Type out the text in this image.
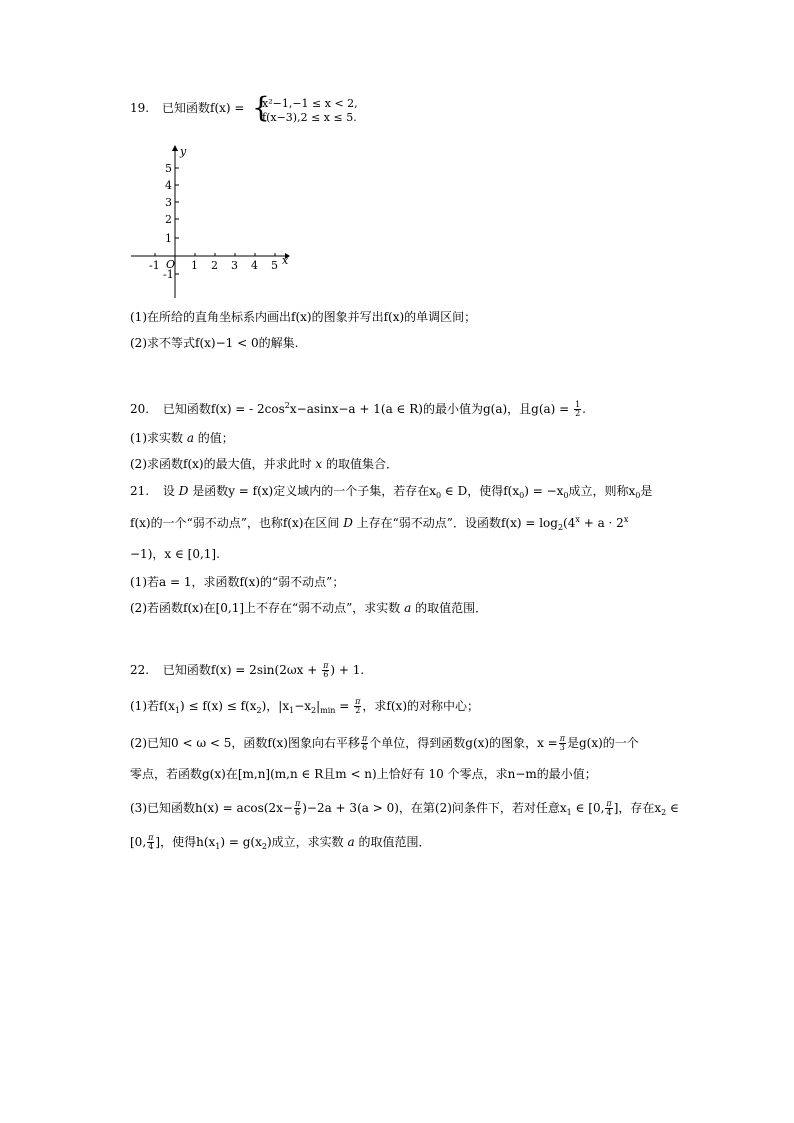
19. 已知函数f(x) = {
x²−1,−1 ≤ x < 2,
f(x−3),2 ≤ x ≤ 5.
y
x
O
-1	1 2 3 4 5
5
4
3
2
1
-1
(1)在所给的直角坐标系内画出f(x)的图象并写出f(x)的单调区间；
(2)求不等式f(x)−1 < 0的解集.
20. 已知函数f(x) = - $2\cos^2x-asinx-a + 1(a$ ∈ R)的最小值为g(a)，且$g(a) = \frac{1}{2}$ .
(1)求实数 a 的值；
(2)求函数f(x)的最大值，并求此时 x 的取值集合．
21. 设 D 是函数y = f(x)定义域内的一个子集，若存在$x_0$ ∈ D，使得$f(x_0) = -x_0$成立，则称$x_0$是
f(x)的一个“弱不动点”，也称f(x)在区间 D 上存在“弱不动点”．设函数$f(x) = \log_2(4^x + a \cdot 2^x$
−1)，x ∈ [0,1].
(1)若a = 1，求函数f(x)的“弱不动点”；
(2)若函数f(x)在[0,1]上不存在“弱不动点”，求实数 a 的取值范围．
22. 已知函数$f(x) = 2\sin(2\omega x + \frac{\pi}{6}$ ) + 1.
(1)若$f(x_1) \le f(x) \le f(x_2)$，$|x_1-x_2|_{min} = \frac{\pi}{2}$ ，求f(x)的对称中心；
(2)已知0 < ω < 5，函数f(x)图象向右平移 $\frac{\pi}{6}$ 个单位，得到函数g(x)的图象，$x = \frac{\pi}{3}$ 是g(x)的一个
零点，若函数g(x)在[m,n](m,n ∈ R且m < n)上恰好有 10 个零点，求n−m的最小值；
(3)已知函数$h(x) = acos(2x- \frac{\pi}{6} )-2a + 3(a > 0)$，在第(2)问条件下，若对任意$x_1$ ∈ [0, $\frac{\pi}{4}$ ]，存在$x_2$ ∈
[0, $\frac{\pi}{4}$ ]，使得$h(x_1) = g(x_2)$成立，求实数 a 的取值范围．
